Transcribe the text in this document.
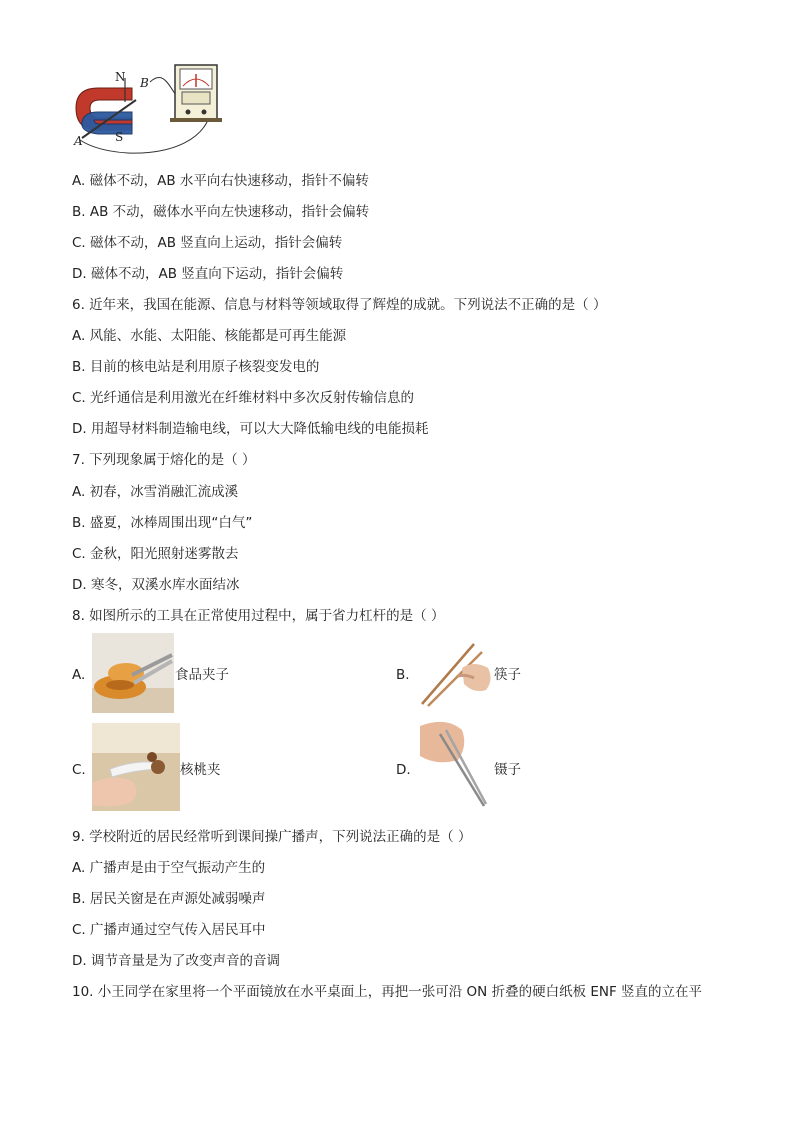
N B
S
A
A. 磁体不动，AB 水平向右快速移动，指针不偏转
B. AB 不动，磁体水平向左快速移动，指针会偏转
C. 磁体不动，AB 竖直向上运动，指针会偏转
D. 磁体不动，AB 竖直向下运动，指针会偏转
6. 近年来，我国在能源、信息与材料等领域取得了辉煌的成就。下列说法不正确的是（ ）
A. 风能、水能、太阳能、核能都是可再生能源
B. 目前的核电站是利用原子核裂变发电的
C. 光纤通信是利用激光在纤维材料中多次反射传输信息的
D. 用超导材料制造输电线，可以大大降低输电线的电能损耗
7. 下列现象属于熔化的是（ ）
A. 初春，冰雪消融汇流成溪
B. 盛夏，冰棒周围出现“白气”
C. 金秋，阳光照射迷雾散去
D. 寒冬，双溪水库水面结冰
8. 如图所示的工具在正常使用过程中，属于省力杠杆的是（ ）
A.	食品夹子	B.	筷子
C.	核桃夹	D.	镊子
9. 学校附近的居民经常听到课间操广播声，下列说法正确的是（ ）
A. 广播声是由于空气振动产生的
B. 居民关窗是在声源处减弱噪声
C. 广播声通过空气传入居民耳中
D. 调节音量是为了改变声音的音调
10. 小王同学在家里将一个平面镜放在水平桌面上，再把一张可沿 ON 折叠的硬白纸板 ENF 竖直的立在平
